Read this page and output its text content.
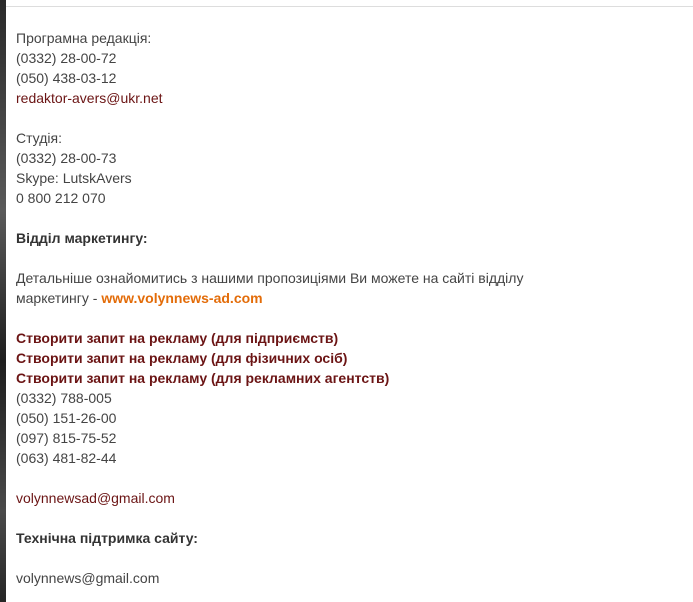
Програмна редакція:
(0332) 28-00-72
(050) 438-03-12
redaktor-avers@ukr.net
Студія:
(0332) 28-00-73
Skype: LutskAvers
0 800 212 070
Відділ маркетингу:
Детальніше ознайомитись з нашими пропозиціями Ви можете на сайті відділу
маркетингу - www.volynnews-ad.com
Створити запит на рекламу (для підприємств)
Створити запит на рекламу (для фізичних осіб)
Створити запит на рекламу (для рекламних агентств)
(0332) 788-005
(050) 151-26-00
(097) 815-75-52
(063) 481-82-44
volynnewsad@gmail.com
Технічна підтримка сайту:
volynnews@gmail.com
